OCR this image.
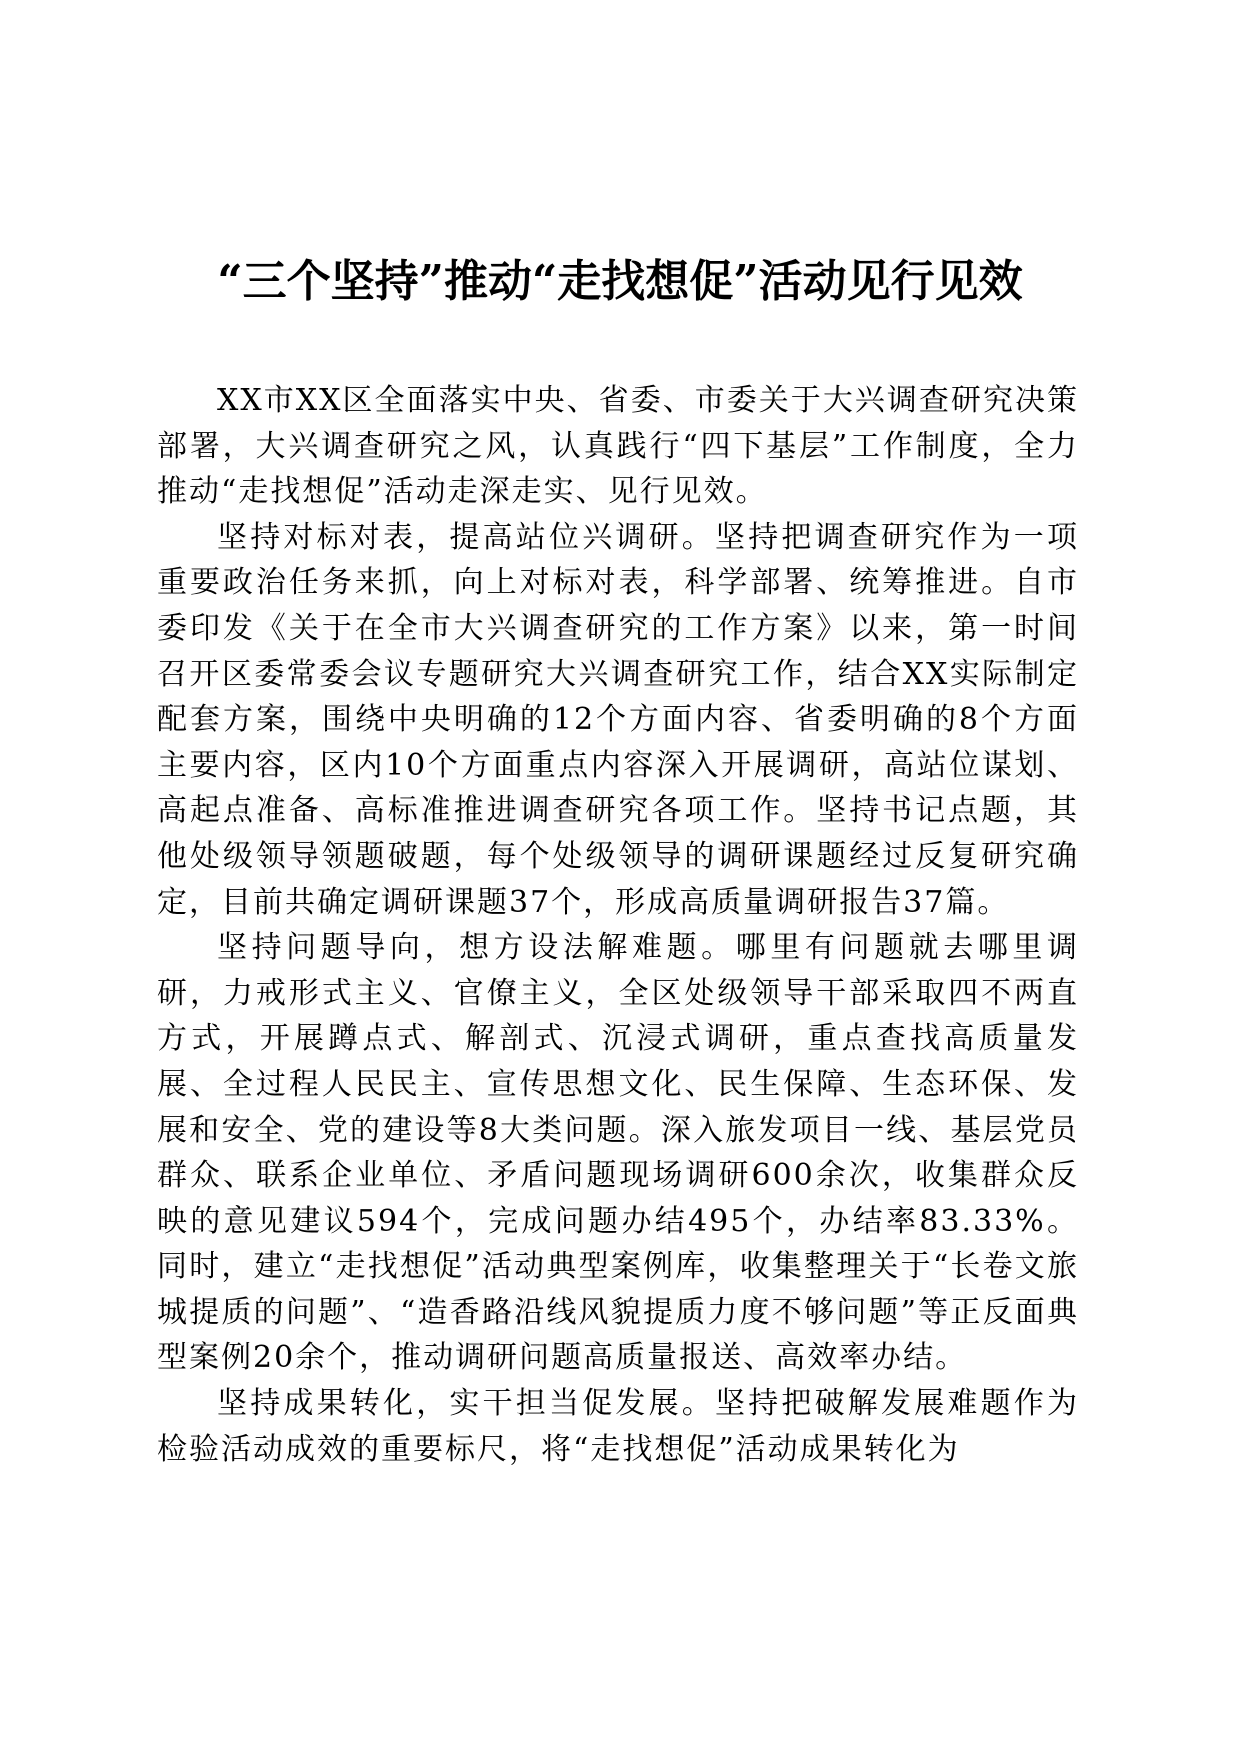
“三个坚持”推动“走找想促”活动见行见效

XX市XX区全面落实中央、省委、市委关于大兴调查研究决策部署，大兴调查研究之风，认真践行“四下基层”工作制度，全力推动“走找想促”活动走深走实、见行见效。

坚持对标对表，提高站位兴调研。坚持把调查研究作为一项重要政治任务来抓，向上对标对表，科学部署、统筹推进。自市委印发《关于在全市大兴调查研究的工作方案》以来，第一时间召开区委常委会议专题研究大兴调查研究工作，结合XX实际制定配套方案，围绕中央明确的12个方面内容、省委明确的8个方面主要内容，区内10个方面重点内容深入开展调研，高站位谋划、高起点准备、高标准推进调查研究各项工作。坚持书记点题，其他处级领导领题破题，每个处级领导的调研课题经过反复研究确定，目前共确定调研课题37个，形成高质量调研报告37篇。

坚持问题导向，想方设法解难题。哪里有问题就去哪里调研，力戒形式主义、官僚主义，全区处级领导干部采取四不两直方式，开展蹲点式、解剖式、沉浸式调研，重点查找高质量发展、全过程人民民主、宣传思想文化、民生保障、生态环保、发展和安全、党的建设等8大类问题。深入旅发项目一线、基层党员群众、联系企业单位、矛盾问题现场调研600余次，收集群众反映的意见建议594个，完成问题办结495个，办结率83.33%。同时，建立“走找想促”活动典型案例库，收集整理关于“长卷文旅城提质的问题”、“造香路沿线风貌提质力度不够问题”等正反面典型案例20余个，推动调研问题高质量报送、高效率办结。

坚持成果转化，实干担当促发展。坚持把破解发展难题作为检验活动成效的重要标尺，将“走找想促”活动成果转化为
